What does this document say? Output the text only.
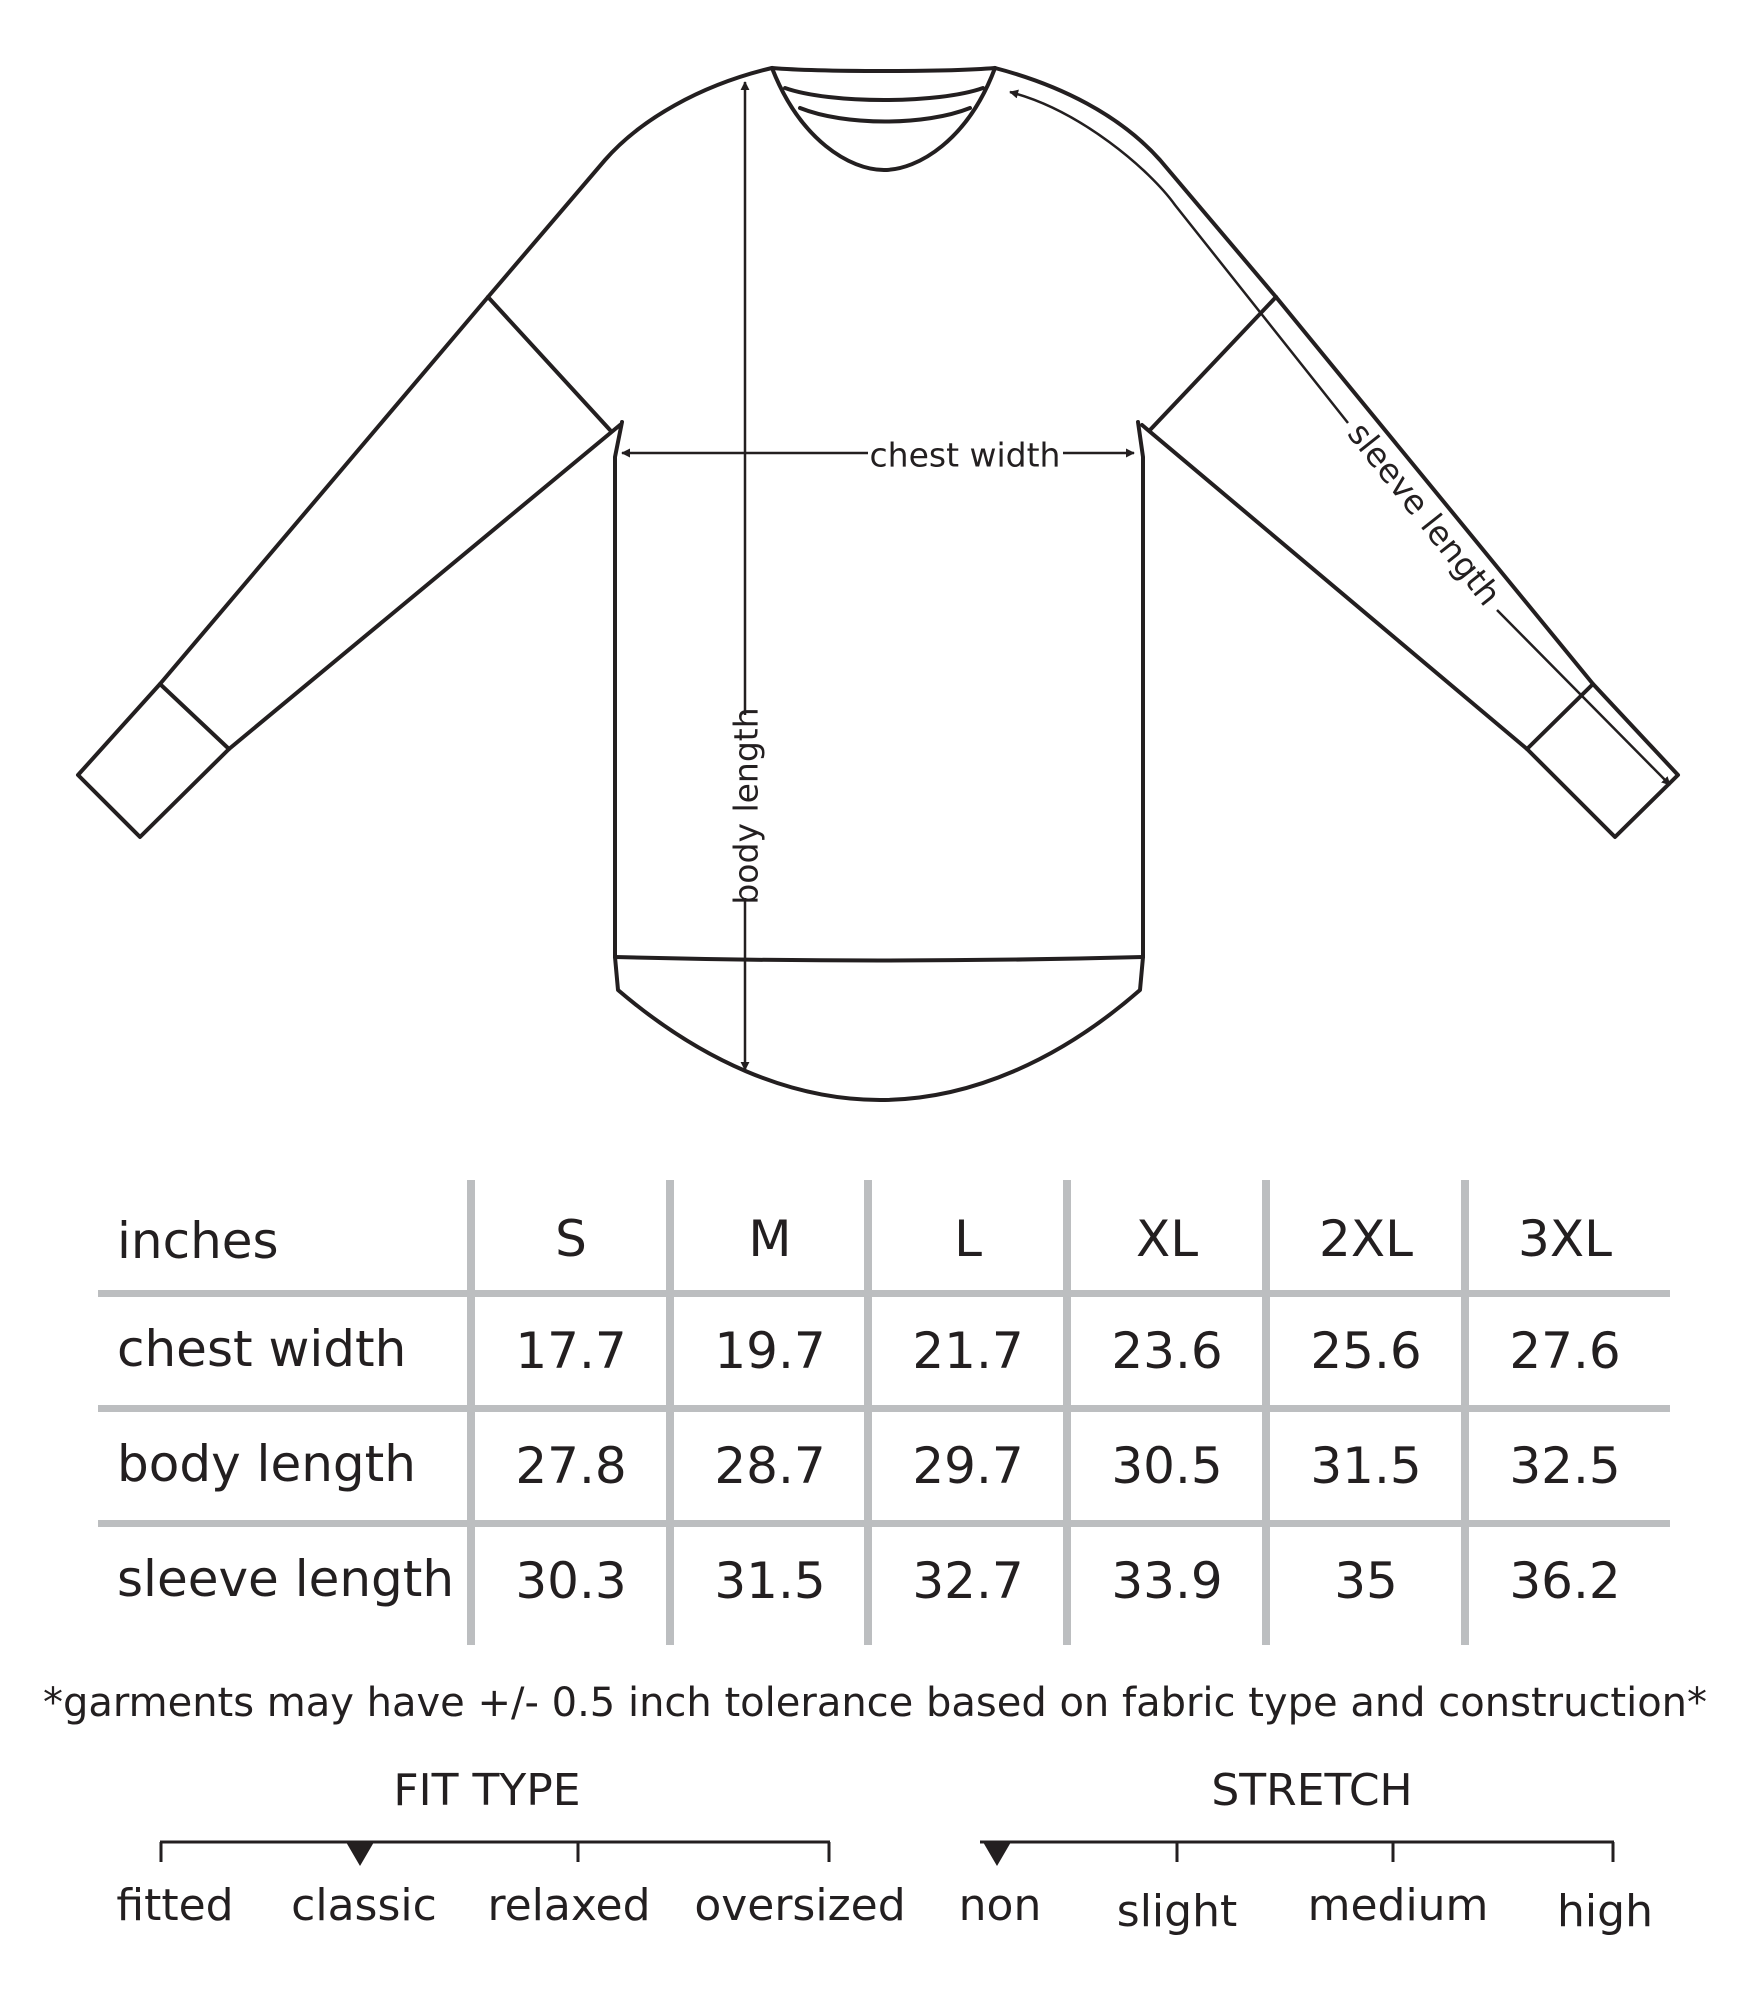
chest width
body length
sleeve length
inches	S	M	L	XL	2XL	3XL
chest width	17.7	19.7	21.7	23.6	25.6	27.6
body length	27.8	28.7	29.7	30.5	31.5	32.5
sleeve length	30.3	31.5	32.7	33.9	35	36.2
*garments may have +/- 0.5 inch tolerance based on fabric type and construction*
FIT TYPE	STRETCH
fitted classic relaxed oversized non slight medium high
